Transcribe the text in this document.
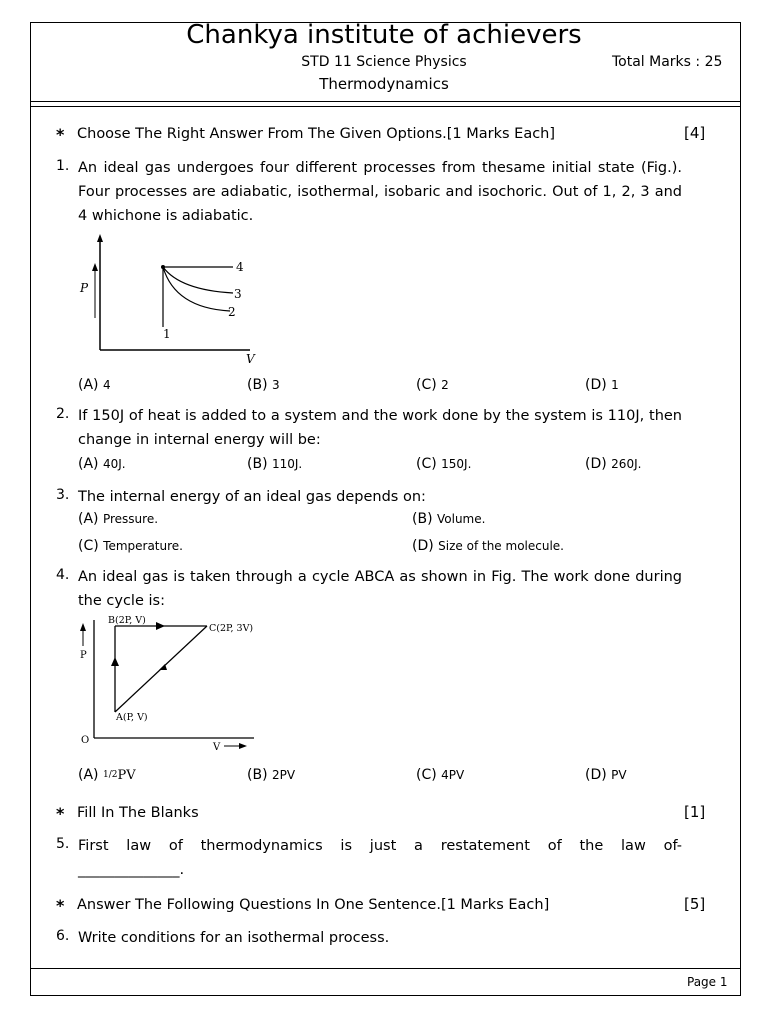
Chankya institute of achievers
STD 11 Science Physics	Total Marks : 25
Thermodynamics
* Choose The Right Answer From The Given Options.[1 Marks Each]	[4]
1. An ideal gas undergoes four different processes from thesame initial state (Fig.). Four processes are adiabatic, isothermal, isobaric and isochoric. Out of 1, 2, 3 and 4 whichone is adiabatic.
P
V
4
3
2
1
(A) 4	(B) 3	(C) 2	(D) 1
2. If 150J of heat is added to a system and the work done by the system is 110J, then change in internal energy will be:
(A) 40J.	(B) 110J.	(C) 150J.	(D) 260J.
3. The internal energy of an ideal gas depends on:
(A) Pressure.	(B) Volume.
(C) Temperature.	(D) Size of the molecule.
4. An ideal gas is taken through a cycle ABCA as shown in Fig. The work done during the cycle is:
P
V
O
B(2P, V)
C(2P, 3V)
A(P, V)
(A) 1/2PV	(B) 2PV	(C) 4PV	(D) PV
* Fill In The Blanks	[1]
5. First law of thermodynamics is just a restatement of the law of-
______________.
* Answer The Following Questions In One Sentence.[1 Marks Each]	[5]
6. Write conditions for an isothermal process.
Page 1
